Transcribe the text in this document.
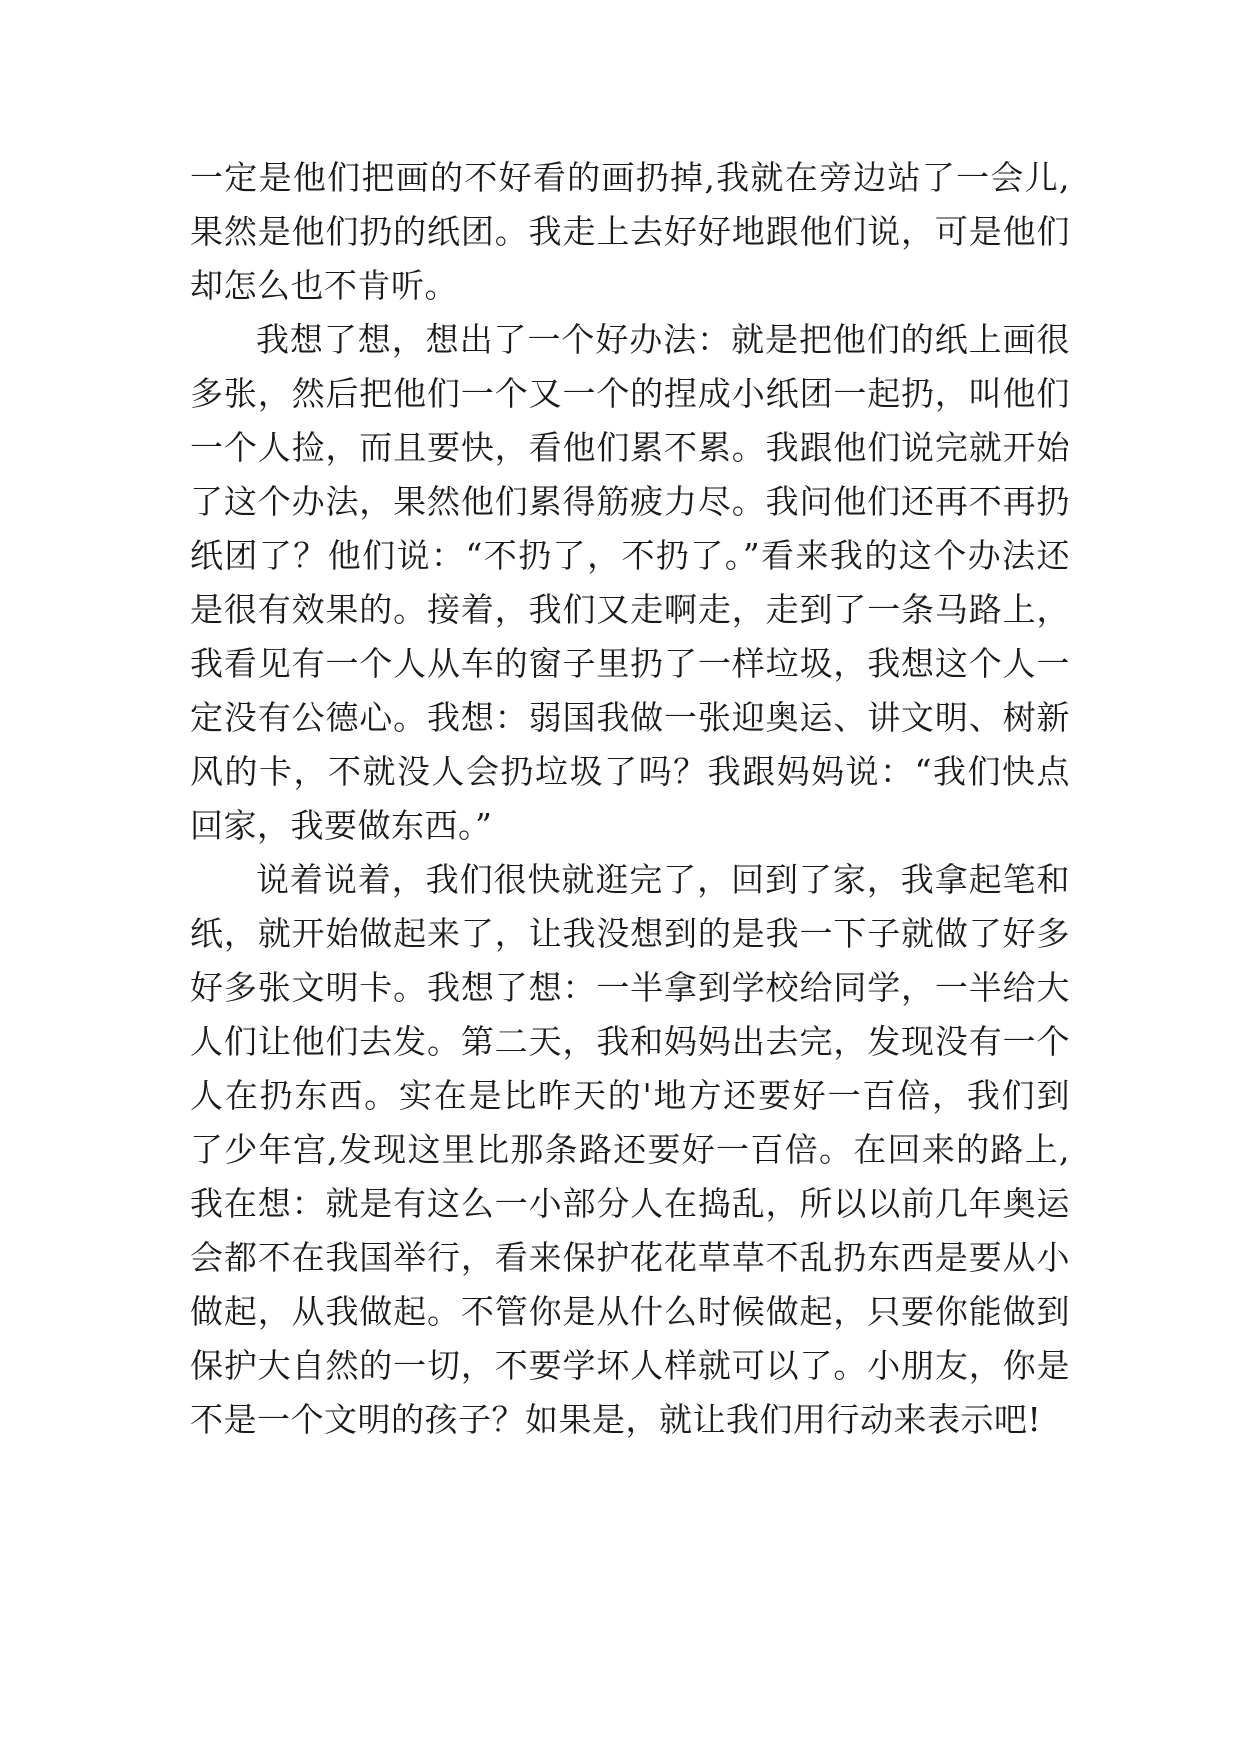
一定是他们把画的不好看的画扔掉,我就在旁边站了一会儿,
果然是他们扔的纸团。我走上去好好地跟他们说，可是他们
却怎么也不肯听。
我想了想，想出了一个好办法：就是把他们的纸上画很
多张，然后把他们一个又一个的捏成小纸团一起扔，叫他们
一个人捡，而且要快，看他们累不累。我跟他们说完就开始
了这个办法，果然他们累得筋疲力尽。我问他们还再不再扔
纸团了？他们说：“不扔了，不扔了。”看来我的这个办法还
是很有效果的。接着，我们又走啊走，走到了一条马路上，
我看见有一个人从车的窗子里扔了一样垃圾，我想这个人一
定没有公德心。我想：弱国我做一张迎奥运、讲文明、树新
风的卡，不就没人会扔垃圾了吗？我跟妈妈说：“我们快点
回家，我要做东西。”
说着说着，我们很快就逛完了，回到了家，我拿起笔和
纸，就开始做起来了，让我没想到的是我一下子就做了好多
好多张文明卡。我想了想：一半拿到学校给同学，一半给大
人们让他们去发。第二天，我和妈妈出去完，发现没有一个
人在扔东西。实在是比昨天的'地方还要好一百倍，我们到
了少年宫,发现这里比那条路还要好一百倍。在回来的路上,
我在想：就是有这么一小部分人在捣乱，所以以前几年奥运
会都不在我国举行，看来保护花花草草不乱扔东西是要从小
做起，从我做起。不管你是从什么时候做起，只要你能做到
保护大自然的一切，不要学坏人样就可以了。小朋友，你是
不是一个文明的孩子？如果是，就让我们用行动来表示吧!
